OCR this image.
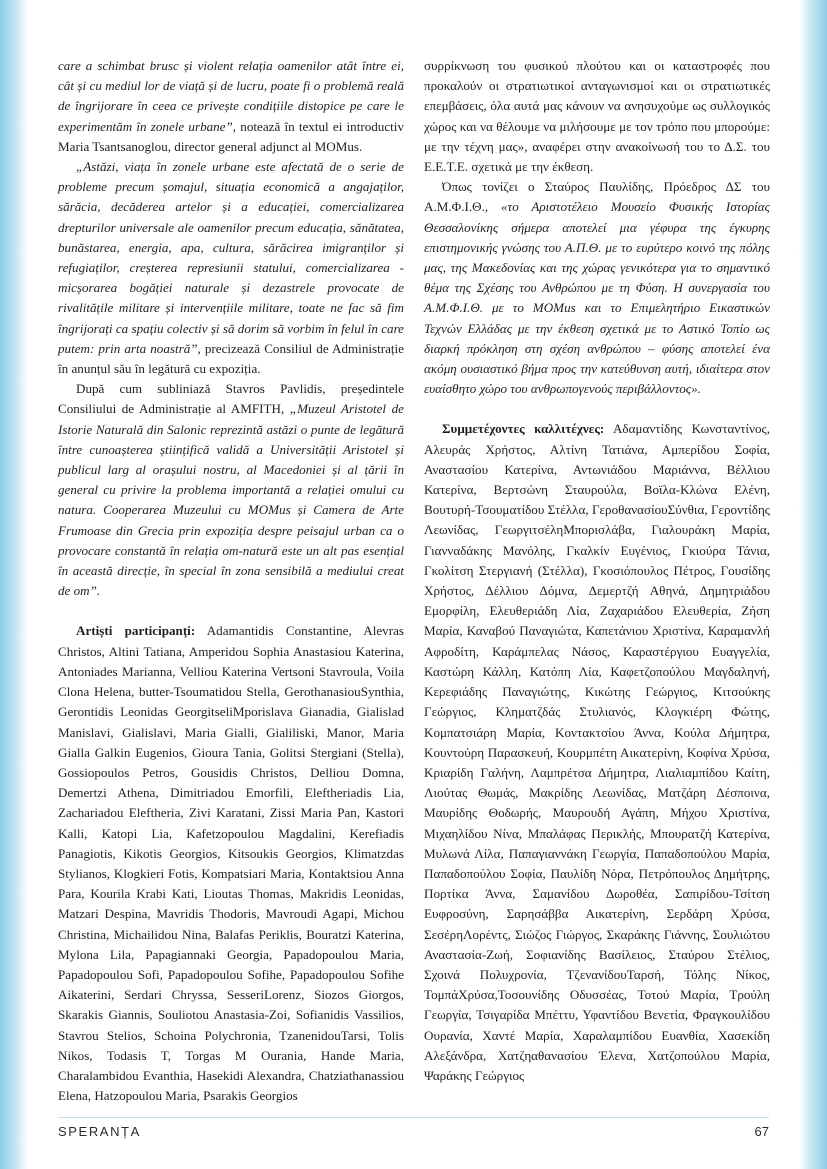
care a schimbat brusc și violent relația oamenilor atât între ei, cât și cu mediul lor de viață și de lucru, poate fi o problemă reală de îngrijorare în ceea ce privește condițiile distopice pe care le experimentăm în zonele urbane”, notează în textul ei introductiv Maria Tsantsanoglou, director general adjunct al MOMus.

„Astăzi, viața în zonele urbane este afectată de o serie de probleme precum șomajul, situația economică a angajaților, sărăcia, decăderea artelor și a educației, comercializarea drepturilor universale ale oamenilor precum educația, sănătatea, bunăstarea, energia, apa, cultura, sărăcirea imigranților și refugiaților, creșterea represiunii statului, comercializarea - micșorarea bogăției naturale și dezastrele provocate de rivalitățile militare și intervențiile militare, toate ne fac să fim îngrijorați ca spațiu colectiv și să dorim să vorbim în felul în care putem: prin arta noastră”, precizează Consiliul de Administrație în anunțul său în legătură cu expoziția.

După cum subliniază Stavros Pavlidis, președintele Consiliului de Administrație al AMFITH, „Muzeul Aristotel de Istorie Naturală din Salonic reprezintă astăzi o punte de legătură între cunoașterea științifică validă a Universității Aristotel și publicul larg al orașului nostru, al Macedoniei și al țării în general cu privire la problema importantă a relației omului cu natura. Cooperarea Muzeului cu MOMus și Camera de Arte Frumoase din Grecia prin expoziția despre peisajul urban ca o provocare constantă în relația om-natură este un alt pas esențial în această direcție, în special în zona sensibilă a mediului creat de om”.

Artiști participanți: Adamantidis Constantine, Alevras Christos, Altini Tatiana, Amperidou Sophia Anastasiou Katerina, Antoniades Marianna, Velliou Katerina Vertsoni Stavroula, Voila Clona Helena, butter-Tsoumatidou Stella, GerothanasiouSynthia, Gerontidis Leonidas GeorgitseliMporislava Gianadia, Gialislad Manislavi, Gialislavi, Maria Gialli, Gialiliski, Manor, Maria Gialla Galkin Eugenios, Gioura Tania, Golitsi Stergiani (Stella), Gossiopoulos Petros, Gousidis Christos, Delliou Domna, Demertzi Athena, Dimitriadou Emorfili, Eleftheriadis Lia, Zachariadou Eleftheria, Zivi Karatani, Zissi Maria Pan, Kastori Kalli, Katopi Lia, Kafetzopoulou Magdalini, Kerefiadis Panagiotis, Kikotis Georgios, Kitsoukis Georgios, Klimatzdas Stylianos, Klogkieri Fotis, Kompatsiari Maria, Kontaktsiou Anna Para, Kourila Krabi Kati, Lioutas Thomas, Makridis Leonidas, Matzari Despina, Mavridis Thodoris, Mavroudi Agapi, Michou Christina, Michailidou Nina, Balafas Periklis, Bouratzi Katerina, Mylona Lila, Papagiannaki Georgia, Papadopoulou Maria, Papadopoulou Sofi, Papadopoulou Sofihe, Papadopoulou Sofihe Aikaterini, Serdari Chryssa, SesseriLorenz, Siozos Giorgos, Skarakis Giannis, Souliotou Anastasia-Zoi, Sofianidis Vassilios, Stavrou Stelios, Schoina Polychronia, TzanenidouTarsi, Tolis Nikos, Todasis T, Torgas M Ourania, Hande Maria, Charalambidou Evanthia, Hasekidi Alexandra, Chatziathanassiou Elena, Hatzopoulou Maria, Psarakis Georgios

συρρίκνωση του φυσικού πλούτου και οι καταστροφές που προκαλούν οι στρατιωτικοί ανταγωνισμοί και οι στρατιωτικές επεμβάσεις, όλα αυτά μας κάνουν να ανησυχούμε ως συλλογικός χώρος και να θέλουμε να μιλήσουμε με τον τρόπο που μπορούμε: με την τέχνη μας», αναφέρει στην ανακοίνωσή του το Δ.Σ. του Ε.Ε.Τ.Ε. σχετικά με την έκθεση.

Όπως τονίζει ο Σταύρος Παυλίδης, Πρόεδρος ΔΣ του Α.Μ.Φ.Ι.Θ., «το Αριστοτέλειο Μουσείο Φυσικής Ιστορίας Θεσσαλονίκης σήμερα αποτελεί μια γέφυρα της έγκυρης επιστημονικής γνώσης του Α.Π.Θ. με το ευρύτερο κοινό της πόλης μας, της Μακεδονίας και της χώρας γενικότερα για το σημαντικό θέμα της Σχέσης του Ανθρώπου με τη Φύση. Η συνεργασία του Α.Μ.Φ.Ι.Θ. με το MOMus και το Επιμελητήριο Εικαστικών Τεχνών Ελλάδας με την έκθεση σχετικά με το Αστικό Τοπίο ως διαρκή πρόκληση στη σχέση ανθρώπου – φύσης αποτελεί ένα ακόμη ουσιαστικό βήμα προς την κατεύθυνση αυτή, ιδιαίτερα στον ευαίσθητο χώρο του ανθρωπογενούς περιβάλλοντος».

Συμμετέχοντες καλλιτέχνες: Αδαμαντίδης Κωνσταντίνος, Αλευράς Χρήστος, Αλτίνη Τατιάνα, Αμπερίδου Σοφία, Αναστασίου Κατερίνα, Αντωνιάδου Μαριάννα, Βέλλιου Κατερίνα, Βερτσώνη Σταυρούλα, Βοϊλα-Κλώνα Ελένη, Βουτυρή-Τσουματίδου Στέλλα, ΓεροθανασίουΣύνθια, Γεροντίδης Λεωνίδας, ΓεωργιτσέληΜπορισλάβα, Γιαλουράκη Μαρία, Γιανναδάκης Μανόλης, Γκαλκίν Ευγένιος, Γκιούρα Τάνια, Γκολίτση Στεργιανή (Στέλλα), Γκοσιόπουλος Πέτρος, Γουσίδης Χρήστος, Δέλλιου Δόμνα, Δεμερτζή Αθηνά, Δημητριάδου Εμορφίλη, Ελευθεριάδη Λία, Ζαχαριάδου Ελευθερία, Ζήση Μαρία, Καναβού Παναγιώτα, Καπετάνιου Χριστίνα, Καραμανλή Αφροδίτη, Καράμπελας Νάσος, Καραστέργιου Ευαγγελία, Καστώρη Κάλλη, Κατόπη Λία, Καφετζοπούλου Μαγδαληνή, Κερεφιάδης Παναγιώτης, Κικώτης Γεώργιος, Κιτσούκης Γεώργιος, Κληματζδάς Στυλιανός, Κλογκιέρη Φώτης, Κομπατσιάρη Μαρία, Κοντακτσίου Άννα, Κούλα Δήμητρα, Κουντούρη Παρασκευή, Κουρμπέτη Αικατερίνη, Κοφίνα Χρύσα, Κριαρίδη Γαλήνη, Λαμπρέτσα Δήμητρα, Λιαλιαμπίδου Καίτη, Λιούτας Θωμάς, Μακρίδης Λεωνίδας, Ματζάρη Δέσποινα, Μαυρίδης Θοδωρής, Μαυρουδή Αγάπη, Μήχου Χριστίνα, Μιχαηλίδου Νίνα, Μπαλάφας Περικλής, Μπουρατζή Κατερίνα, Μυλωνά Λίλα, Παπαγιαννάκη Γεωργία, Παπαδοπούλου Μαρία, Παπαδοπούλου Σοφία, Παυλίδη Νόρα, Πετρόπουλος Δημήτρης, Πορτίκα Άννα, Σαμανίδου Δωροθέα, Σαπιρίδου-Τσίτση Ευφροσύνη, Σαρησάββα Αικατερίνη, Σερδάρη Χρύσα, ΣεσέρηΛορέντς, Σιώζος Γιώργος, Σκαράκης Γιάννης, Σουλιώτου Αναστασία-Ζωή, Σοφιανίδης Βασίλειος, Σταύρου Στέλιος, Σχοινά Πολυχρονία, ΤζενανίδουΤαρσή, Τόλης Νίκος, ΤομπάΧρύσα,Τοσουνίδης Οδυσσέας, Τοτού Μαρία, Τρούλη Γεωργία, Τσιγαρίδα Μπέττυ, Υφαντίδου Βενετία, Φραγκουλίδου Ουρανία, Χαντέ Μαρία, Χαραλαμπίδου Ευανθία, Χασεκίδη Αλεξάνδρα, Χατζηαθανασίου Έλενα, Χατζοπούλου Μαρία, Ψαράκης Γεώργιος

SPERANȚA	67
